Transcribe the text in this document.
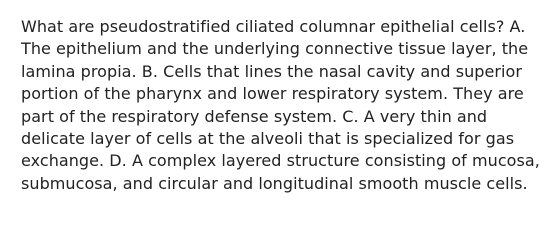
What are pseudostratified ciliated columnar epithelial cells? A. The epithelium and the underlying connective tissue layer, the lamina propia. B. Cells that lines the nasal cavity and superior portion of the pharynx and lower respiratory system. They are part of the respiratory defense system. C. A very thin and delicate layer of cells at the alveoli that is specialized for gas exchange. D. A complex layered structure consisting of mucosa, submucosa, and circular and longitudinal smooth muscle cells.
